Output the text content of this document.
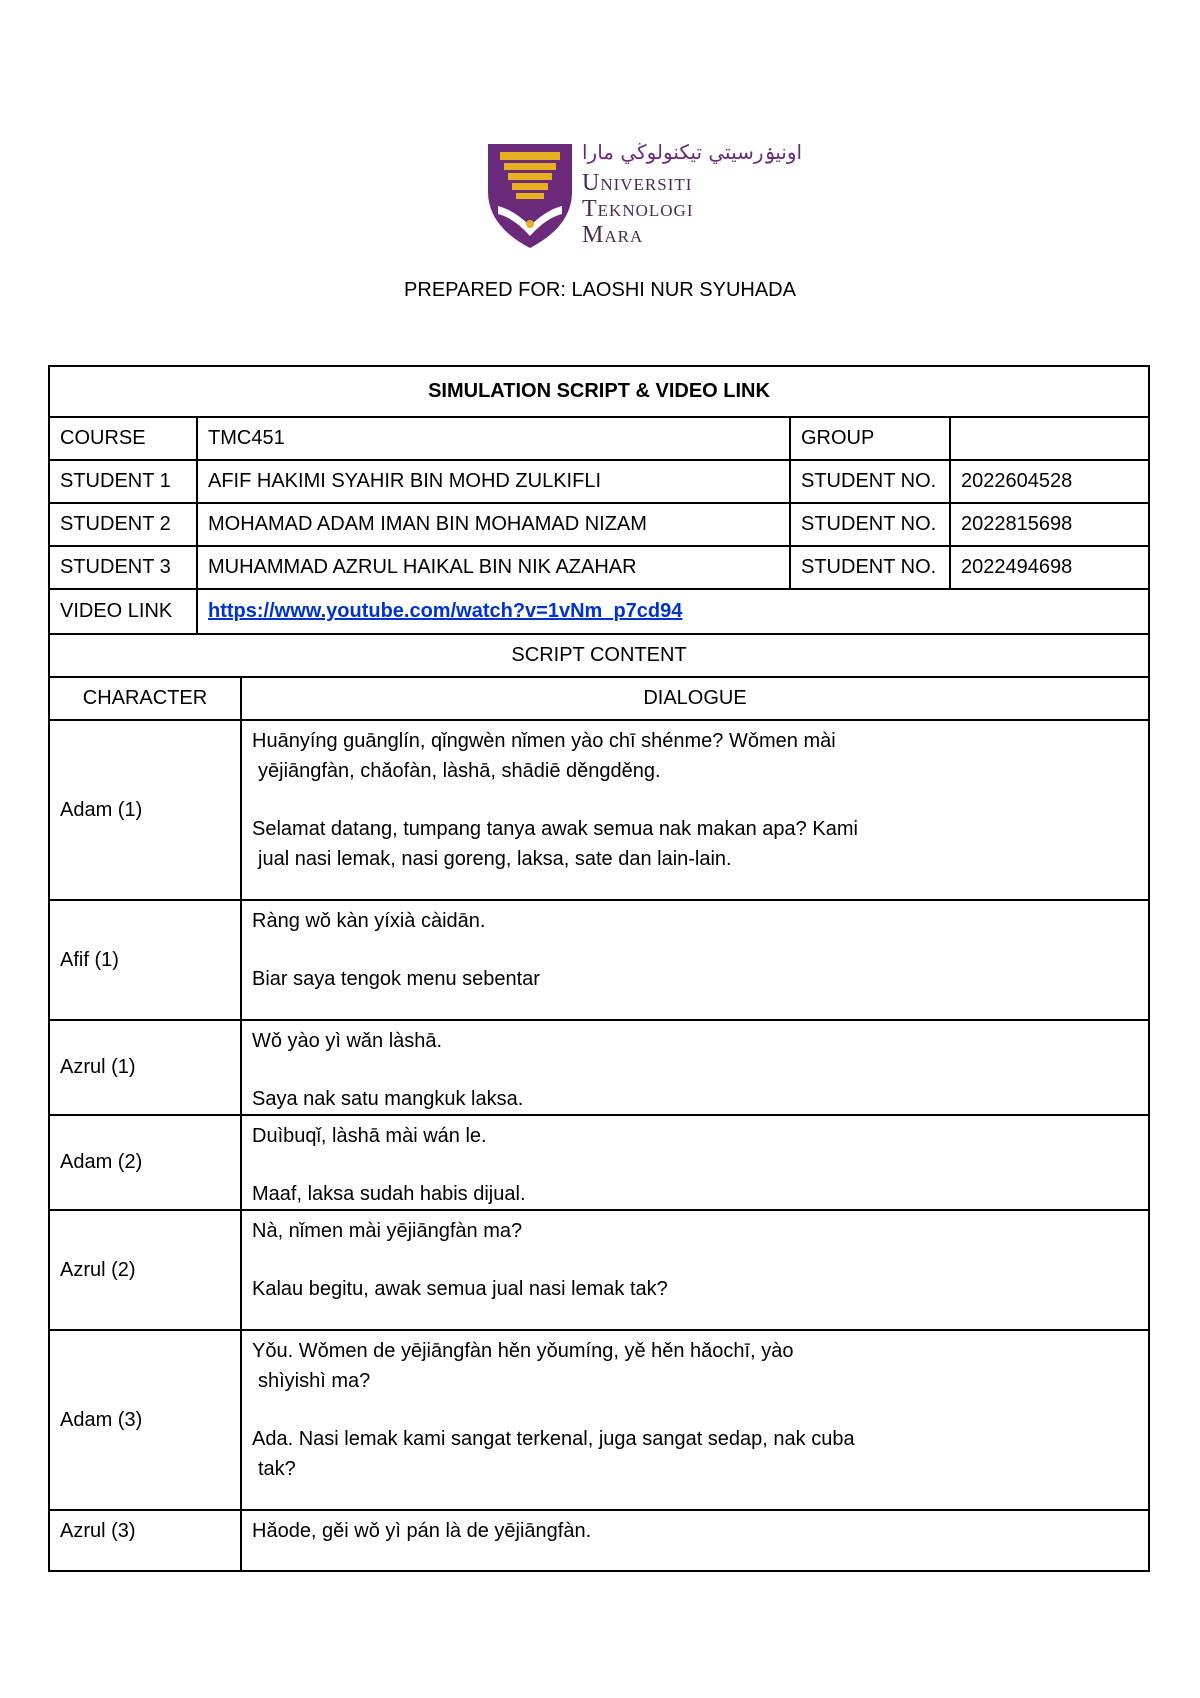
اونيۏرسيتي تيكنولوڬي مارا
Universiti
Teknologi
Mara
PREPARED FOR: LAOSHI NUR SYUHADA
SIMULATION SCRIPT & VIDEO LINK				
COURSE	TMC451		GROUP	
STUDENT 1	AFIF HAKIMI SYAHIR BIN MOHD ZULKIFLI		STUDENT NO.	2022604528
STUDENT 2	MOHAMAD ADAM IMAN BIN MOHAMAD NIZAM		STUDENT NO.	2022815698
STUDENT 3	MUHAMMAD AZRUL HAIKAL BIN NIK AZAHAR		STUDENT NO.	2022494698
VIDEO LINK	https://www.youtube.com/watch?v=1vNm_p7cd94			
SCRIPT CONTENT				
CHARACTER		DIALOGUE		
Adam (1)		Huānyíng guānglín, qǐngwèn nǐmen yào chī shénme? Wǒmen mài

yējiāngfàn, chǎofàn, làshā, shādiē děngděng.

Selamat datang, tumpang tanya awak semua nak makan apa? Kami

jual nasi lemak, nasi goreng, laksa, sate dan lain-lain.		

Afif (1)		Ràng wǒ kàn yíxià càidān.

Biar saya tengok menu sebentar		

Azrul (1)		Wǒ yào yì wǎn làshā.

Saya nak satu mangkuk laksa.		

Adam (2)		Duìbuqǐ, làshā mài wán le.

Maaf, laksa sudah habis dijual.		

Azrul (2)		Nà, nǐmen mài yējiāngfàn ma?

Kalau begitu, awak semua jual nasi lemak tak?		

Adam (3)		Yǒu. Wǒmen de yējiāngfàn hěn yǒumíng, yě hěn hǎochī, yào

shìyishì ma?

Ada. Nasi lemak kami sangat terkenal, juga sangat sedap, nak cuba

tak?		

Azrul (3)		Hǎode, gěi wǒ yì pán là de yējiāngfàn.		
